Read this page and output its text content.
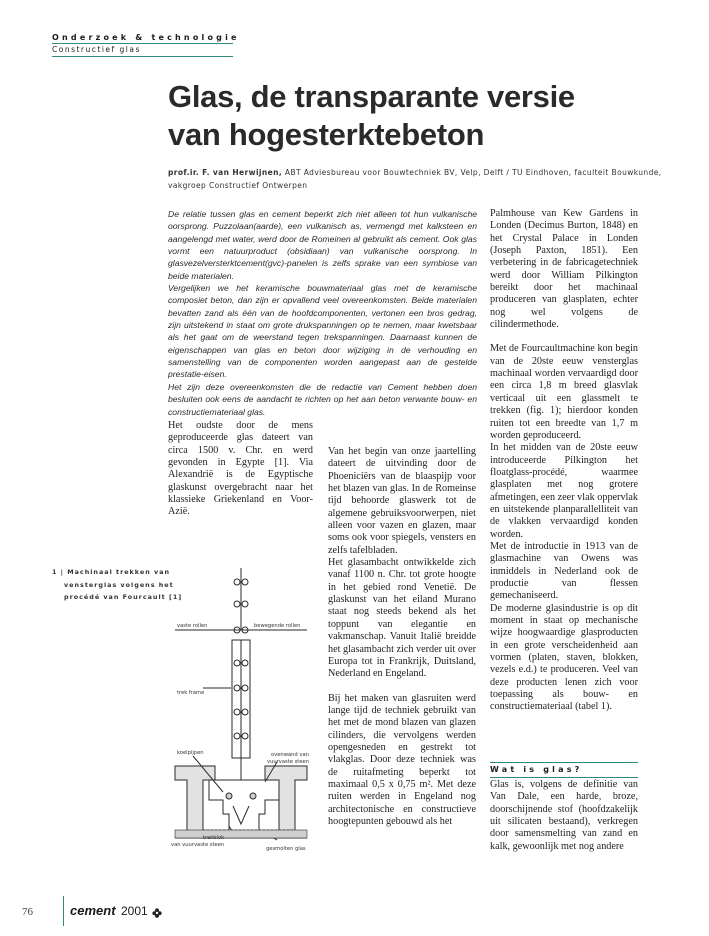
Onderzoek & technologie
Constructief glas
Glas, de transparante versie
van hogesterktebeton
prof.ir. F. van Herwijnen, ABT Adviesbureau voor Bouwtechniek BV, Velp, Delft / TU Eindhoven, faculteit Bouwkunde,
vakgroep Constructief Ontwerpen

De relatie tussen glas en cement beperkt zich niet alleen tot hun vulkanische oorsprong. Puzzolaan(aarde), een vulkanisch as, vermengd met kalksteen en aangelengd met water, werd door de Romeinen al gebruikt als cement. Ook glas vormt een natuurproduct (obsidiaan) van vulkanische oorsprong. In glasvezelversterktcement(gvc)-panelen is zelfs sprake van een symbiose van beide materialen.

Vergelijken we het keramische bouwmateriaal glas met de keramische composiet beton, dan zijn er opvallend veel overeenkomsten. Beide materialen bevatten zand als één van de hoofdcomponenten, vertonen een bros gedrag, zijn uitstekend in staat om grote drukspanningen op te nemen, maar kwetsbaar als het gaat om de weerstand tegen trekspanningen. Daarnaast kunnen de eigenschappen van glas en beton door wijziging in de verhouding en samenstelling van de componenten worden aangepast aan de gestelde prestatie-eisen.

Het zijn deze overeenkomsten die de redactie van Cement hebben doen besluiten ook eens de aandacht te richten op het aan beton verwante bouw- en constructiemateriaal glas.

Het oudste door de mens geproduceerde glas dateert van circa 1500 v. Chr. en werd gevonden in Egypte [1]. Via Alexandrië is de Egyptische glaskunst overgebracht naar het klassieke Griekenland en Voor-Azië.

Van het begin van onze jaartelling dateert de uitvinding door de Phoeniciërs van de blaaspijp voor het blazen van glas. In de Romeinse tijd behoorde glaswerk tot de algemene gebruiksvoorwerpen, niet alleen voor vazen en glazen, maar soms ook voor spiegels, vensters en zelfs tafelbladen.

Het glasambacht ontwikkelde zich vanaf 1100 n. Chr. tot grote hoogte in het gebied rond Venetië. De glaskunst van het eiland Murano staat nog steeds bekend als het toppunt van elegantie en vakmanschap. Vanuit Italië breidde het glasambacht zich verder uit over Europa tot in Frankrijk, Duitsland, Nederland en Engeland.

Bij het maken van glasruiten werd lange tijd de techniek gebruikt van het met de mond blazen van glazen cilinders, die vervolgens werden opengesneden en gestrekt tot vlakglas. Door deze techniek was de ruitafmeting beperkt tot maximaal 0,5 x 0,75 m². Met deze ruiten werden in Engeland nog architectonische en constructieve hoogtepunten gebouwd als het

Palmhouse van Kew Gardens in Londen (Decimus Burton, 1848) en het Crystal Palace in Londen (Joseph Paxton, 1851). Een verbetering in de fabricagetechniek werd door William Pilkington bereikt door het machinaal produceren van glasplaten, echter nog wel volgens de cilindermethode.

Met de Fourcaultmachine kon begin van de 20ste eeuw vensterglas machinaal worden vervaardigd door een circa 1,8 m breed glasvlak verticaal uit een glassmelt te trekken (fig. 1); hierdoor konden ruiten tot een breedte van 1,7 m worden geproduceerd.

In het midden van de 20ste eeuw introduceerde Pilkington het floatglass-procédé, waarmee glasplaten met nog grotere afmetingen, een zeer vlak oppervlak en uitstekende planparallelliteit van de vlakken vervaardigd konden worden.

Met de introductie in 1913 van de glasmachine van Owens was inmiddels in Nederland ook de productie van flessen gemechaniseerd.

De moderne glasindustrie is op dit moment in staat op mechanische wijze hoogwaardige glasproducten in een grote verscheidenheid aan vormen (platen, staven, blokken, vezels e.d.) te produceren. Veel van deze producten lenen zich voor toepassing als bouw- en constructiemateriaal (tabel 1).

Wat is glas?
Glas is, volgens de definitie van Van Dale, een harde, broze, doorschijnende stof (hoofdzakelijk uit silicaten bestaand), verkregen door samensmelting van zand en kalk, gewoonlijk met nog andere
1 | Machinaal trekken van
vensterglas volgens het
procédé van Fourcault [1]
vaste rollen	bewegende rollen
trek frame
koelpijpen	ovenwand van
vuurvaste steen
trekblok
van vuurvaste steen
gesmolten glas
76	cement 2001
